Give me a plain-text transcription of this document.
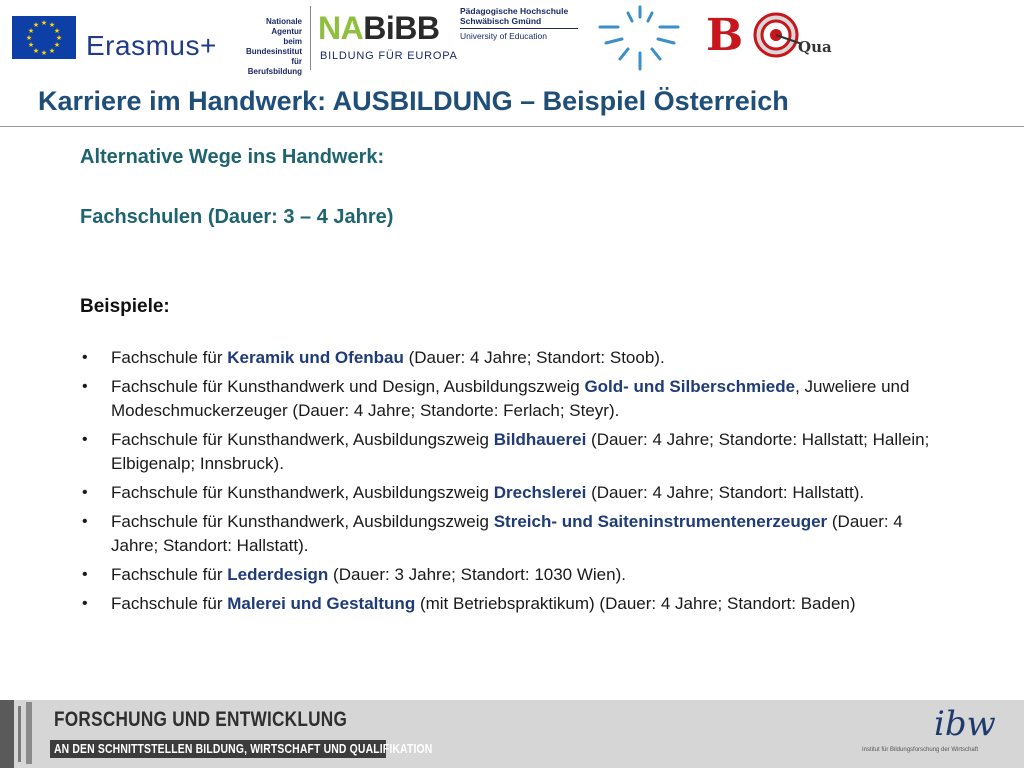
★ ★
★
★
★
★
★
★
★
★
★
★
Erasmus+
Nationale Agentur
beim Bundesinstitut
für Berufsbildung
NABiBB
BILDUNG FÜR EUROPA
Pädagogische Hochschule
Schwäbisch Gmünd
University of Education	B	Qua
Karriere im Handwerk: AUSBILDUNG – Beispiel Österreich
Alternative Wege ins Handwerk:
Fachschulen (Dauer: 3 – 4 Jahre)
Beispiele:
• Fachschule für Keramik und Ofenbau (Dauer: 4 Jahre; Standort: Stoob).
• Fachschule für Kunsthandwerk und Design, Ausbildungszweig Gold- und Silberschmiede, Juweliere und Modeschmuckerzeuger (Dauer: 4 Jahre; Standorte: Ferlach; Steyr).
• Fachschule für Kunsthandwerk, Ausbildungszweig Bildhauerei (Dauer: 4 Jahre; Standorte: Hallstatt; Hallein; Elbigenalp; Innsbruck).
• Fachschule für Kunsthandwerk, Ausbildungszweig Drechslerei (Dauer: 4 Jahre; Standort: Hallstatt).
• Fachschule für Kunsthandwerk, Ausbildungszweig Streich- und Saiteninstrumentenerzeuger (Dauer: 4 Jahre; Standort: Hallstatt).
• Fachschule für Lederdesign (Dauer: 3 Jahre; Standort: 1030 Wien).
• Fachschule für Malerei und Gestaltung (mit Betriebspraktikum) (Dauer: 4 Jahre; Standort: Baden)
FORSCHUNG UND ENTWICKLUNG
AN DEN SCHNITTSTELLEN BILDUNG, WIRTSCHAFT UND QUALIFIKATION
ibw
Institut für Bildungsforschung der Wirtschaft
